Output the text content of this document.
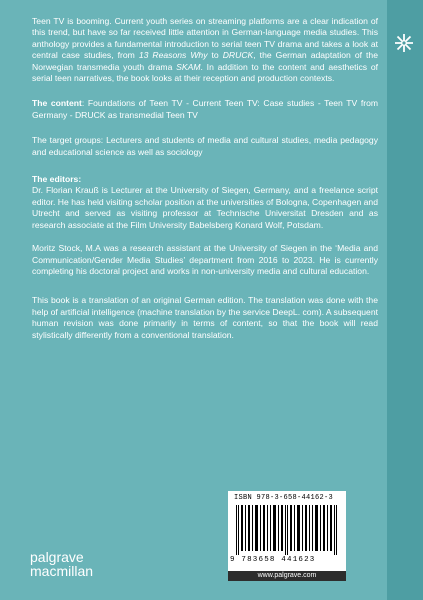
Teen TV is booming. Current youth series on streaming platforms are a clear indication of this trend, but have so far received little attention in German-language media studies. This anthology provides a fundamental introduction to serial teen TV drama and takes a look at central case studies, from 13 Reasons Why to DRUCK, the German adaptation of the Norwegian transmedia youth drama SKAM. In addition to the content and aesthetics of serial teen narratives, the book looks at their reception and production contexts.

The content: Foundations of Teen TV - Current Teen TV: Case studies - Teen TV from Germany - DRUCK as transmedial Teen TV

The target groups: Lecturers and students of media and cultural studies, media pedagogy and educational science as well as sociology

The editors:

Dr. Florian Krauß is Lecturer at the University of Siegen, Germany, and a freelance script editor. He has held visiting scholar position at the universities of Bologna, Copenhagen and Utrecht and served as visiting professor at Technische Universitat Dresden and as research associate at the Film University Babelsberg Konard Wolf, Potsdam.

Moritz Stock, M.A was a research assistant at the University of Siegen in the ‘Media and Communication/Gender Media Studies’ department from 2016 to 2023. He is currently completing his doctoral project and works in non-university media and cultural education.

This book is a translation of an original German edition. The translation was done with the help of artificial intelligence (machine translation by the service DeepL. com). A subsequent human revision was done primarily in terms of content, so that the book will read stylistically differently from a conventional translation.

palgrave
macmillan
ISBN 978-3-658-44162-3
9 783658 441623
www.palgrave.com
